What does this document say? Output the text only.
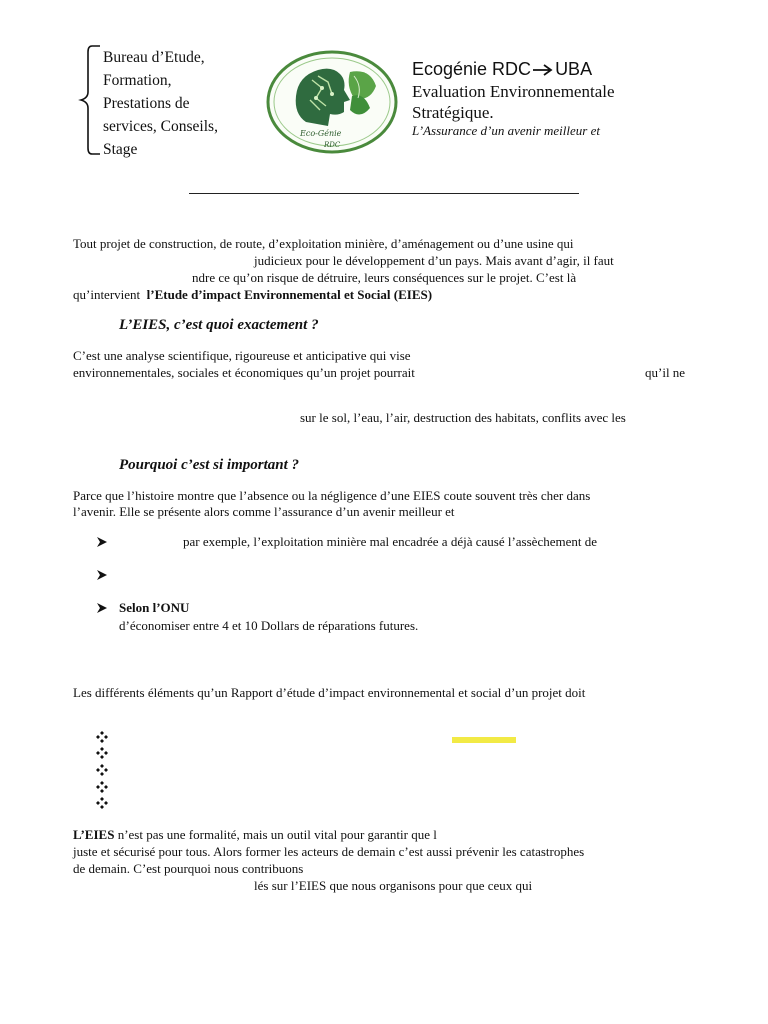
Bureau d’Etude,
Formation,
Prestations de
services, Conseils,
Stage
Eco-Génie
RDC
Ecogénie RDC UBA
Evaluation Environnementale
Stratégique.
L’Assurance d’un avenir meilleur et
Tout projet de construction, de route, d’exploitation minière, d’aménagement ou d’une usine qui
judicieux pour le développement d’un pays. Mais avant d’agir, il faut
ndre ce qu’on risque de détruire, leurs conséquences sur le projet. C’est là
qu’intervient l’Etude d’impact Environnemental et Social (EIES)
L’EIES, c’est quoi exactement ?
C’est une analyse scientifique, rigoureuse et anticipative qui vise
environnementales, sociales et économiques qu’un projet pourrait	qu’il ne
sur le sol, l’eau, l’air, destruction des habitats, conflits avec les
Pourquoi c’est si important ?
Parce que l’histoire montre que l’absence ou la négligence d’une EIES coute souvent très cher dans
l’avenir. Elle se présente alors comme l’assurance d’un avenir meilleur et
par exemple, l’exploitation minière mal encadrée a déjà causé l’assèchement de
Selon l’ONU
d’économiser entre 4 et 10 Dollars de réparations futures.
Les différents éléments qu’un Rapport d’étude d’impact environnemental et social d’un projet doit
L’EIES n’est pas une formalité, mais un outil vital pour garantir que l
juste et sécurisé pour tous. Alors former les acteurs de demain c’est aussi prévenir les catastrophes
de demain. C’est pourquoi nous contribuons
lés sur l’EIES que nous organisons pour que ceux qui
